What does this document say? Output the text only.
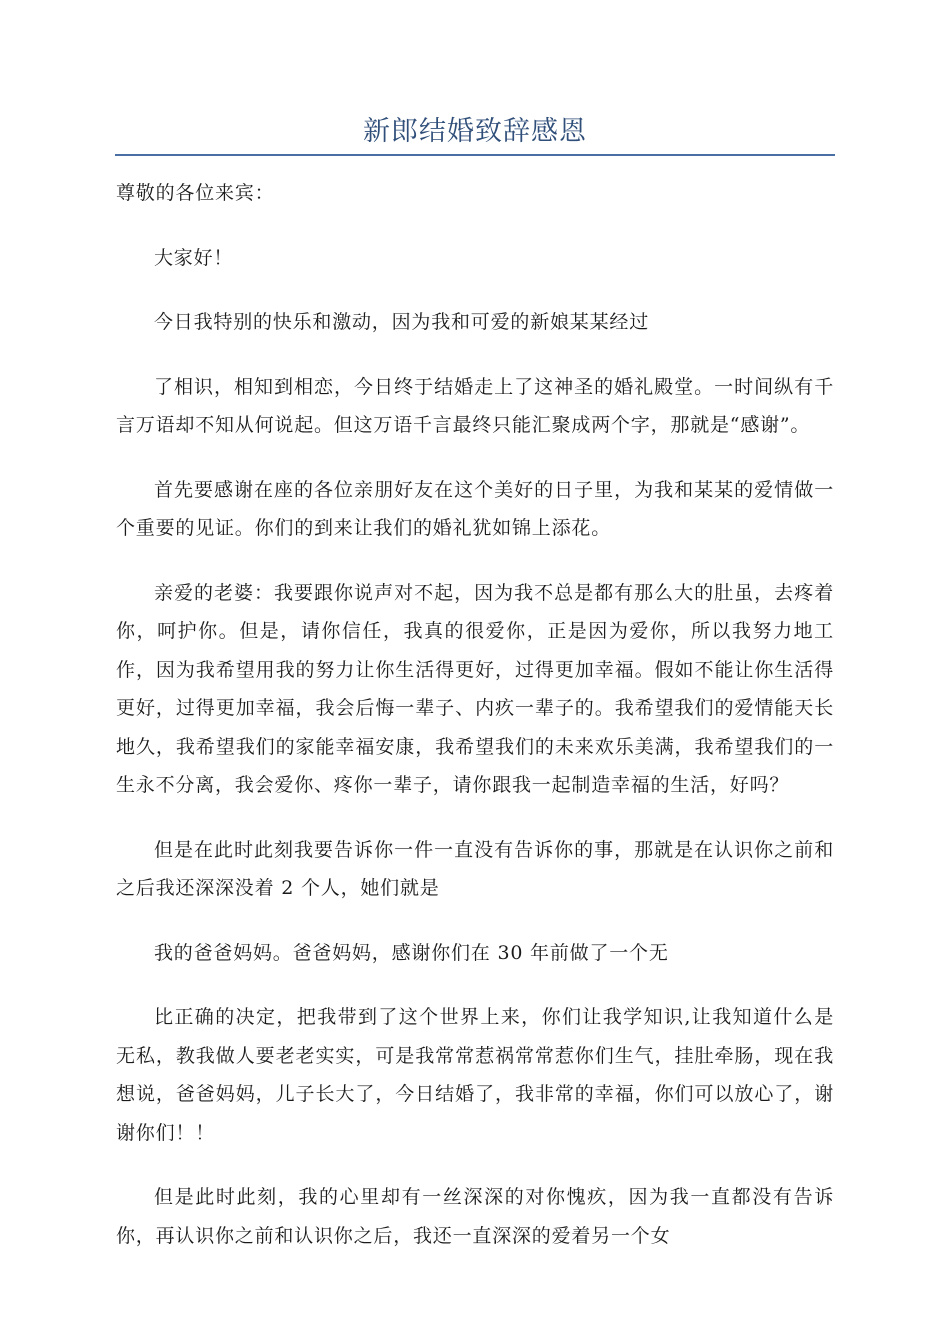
新郎结婚致辞感恩

尊敬的各位来宾：

大家好！

今日我特别的快乐和激动，因为我和可爱的新娘某某经过

了相识，相知到相恋，今日终于结婚走上了这神圣的婚礼殿堂。一时间纵有千言万语却不知从何说起。但这万语千言最终只能汇聚成两个字，那就是“感谢”。

首先要感谢在座的各位亲朋好友在这个美好的日子里，为我和某某的爱情做一个重要的见证。你们的到来让我们的婚礼犹如锦上添花。

亲爱的老婆：我要跟你说声对不起，因为我不总是都有那么大的肚虽，去疼着你，呵护你。但是，请你信任，我真的很爱你，正是因为爱你，所以我努力地工作，因为我希望用我的努力让你生活得更好，过得更加幸福。假如不能让你生活得更好，过得更加幸福，我会后悔一辈子、内疚一辈子的。我希望我们的爱情能天长地久，我希望我们的家能幸福安康，我希望我们的未来欢乐美满，我希望我们的一生永不分离，我会爱你、疼你一辈子，请你跟我一起制造幸福的生活，好吗？

但是在此时此刻我要告诉你一件一直没有告诉你的事，那就是在认识你之前和之后我还深深没着 2 个人，她们就是

我的爸爸妈妈。爸爸妈妈，感谢你们在 30 年前做了一个无

比正确的决定，把我带到了这个世界上来，你们让我学知识,让我知道什么是无私，教我做人要老老实实，可是我常常惹祸常常惹你们生气，挂肚牵肠，现在我想说，爸爸妈妈，儿子长大了，今日结婚了，我非常的幸福，你们可以放心了，谢谢你们！！

但是此时此刻，我的心里却有一丝深深的对你愧疚，因为我一直都没有告诉你，再认识你之前和认识你之后，我还一直深深的爱着另一个女
